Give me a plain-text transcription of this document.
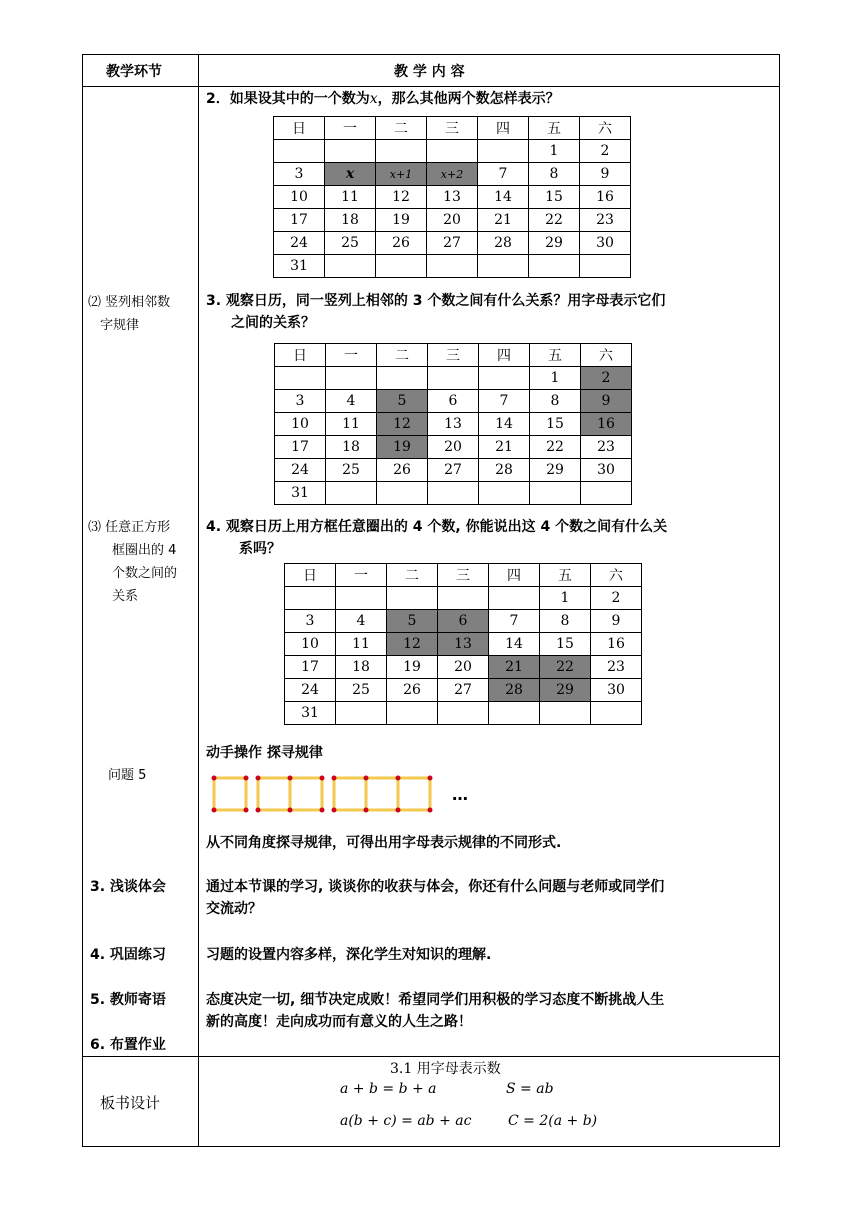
教学环节	教 学 内 容
2．如果设其中的一个数为x，那么其他两个数怎样表示？
日	一	二	三	四	五	六
					1	2
3	x	x+1	x+2	7	8	9
10	11	12	13	14	15	16
17	18	19	20	21	22	23
24	25	26	27	28	29	30
31						
⑵ 竖列相邻数
字规律
3. 观察日历，同一竖列上相邻的 3 个数之间有什么关系？用字母表示它们
之间的关系？
日	一	二	三	四	五	六
					1	2
3	4	5	6	7	8	9
10	11	12	13	14	15	16
17	18	19	20	21	22	23
24	25	26	27	28	29	30
31						
⑶ 任意正方形
框圈出的 4
个数之间的
关系
4. 观察日历上用方框任意圈出的 4 个数, 你能说出这 4 个数之间有什么关
系吗？
日	一	二	三	四	五	六
					1	2
3	4	5	6	7	8	9
10	11	12	13	14	15	16
17	18	19	20	21	22	23
24	25	26	27	28	29	30
31						
动手操作 探寻规律
问题 5
…
从不同角度探寻规律，可得出用字母表示规律的不同形式.
3. 浅谈体会	通过本节课的学习, 谈谈你的收获与体会，你还有什么问题与老师或同学们
交流动？
4. 巩固练习	习题的设置内容多样，深化学生对知识的理解.
5. 教师寄语	态度决定一切, 细节决定成败！希望同学们用积极的学习态度不断挑战人生
新的高度！走向成功而有意义的人生之路！
6. 布置作业
板书设计
3.1 用字母表示数
a + b = b + a	S = ab
a(b + c) = ab + ac	C = 2(a + b)
